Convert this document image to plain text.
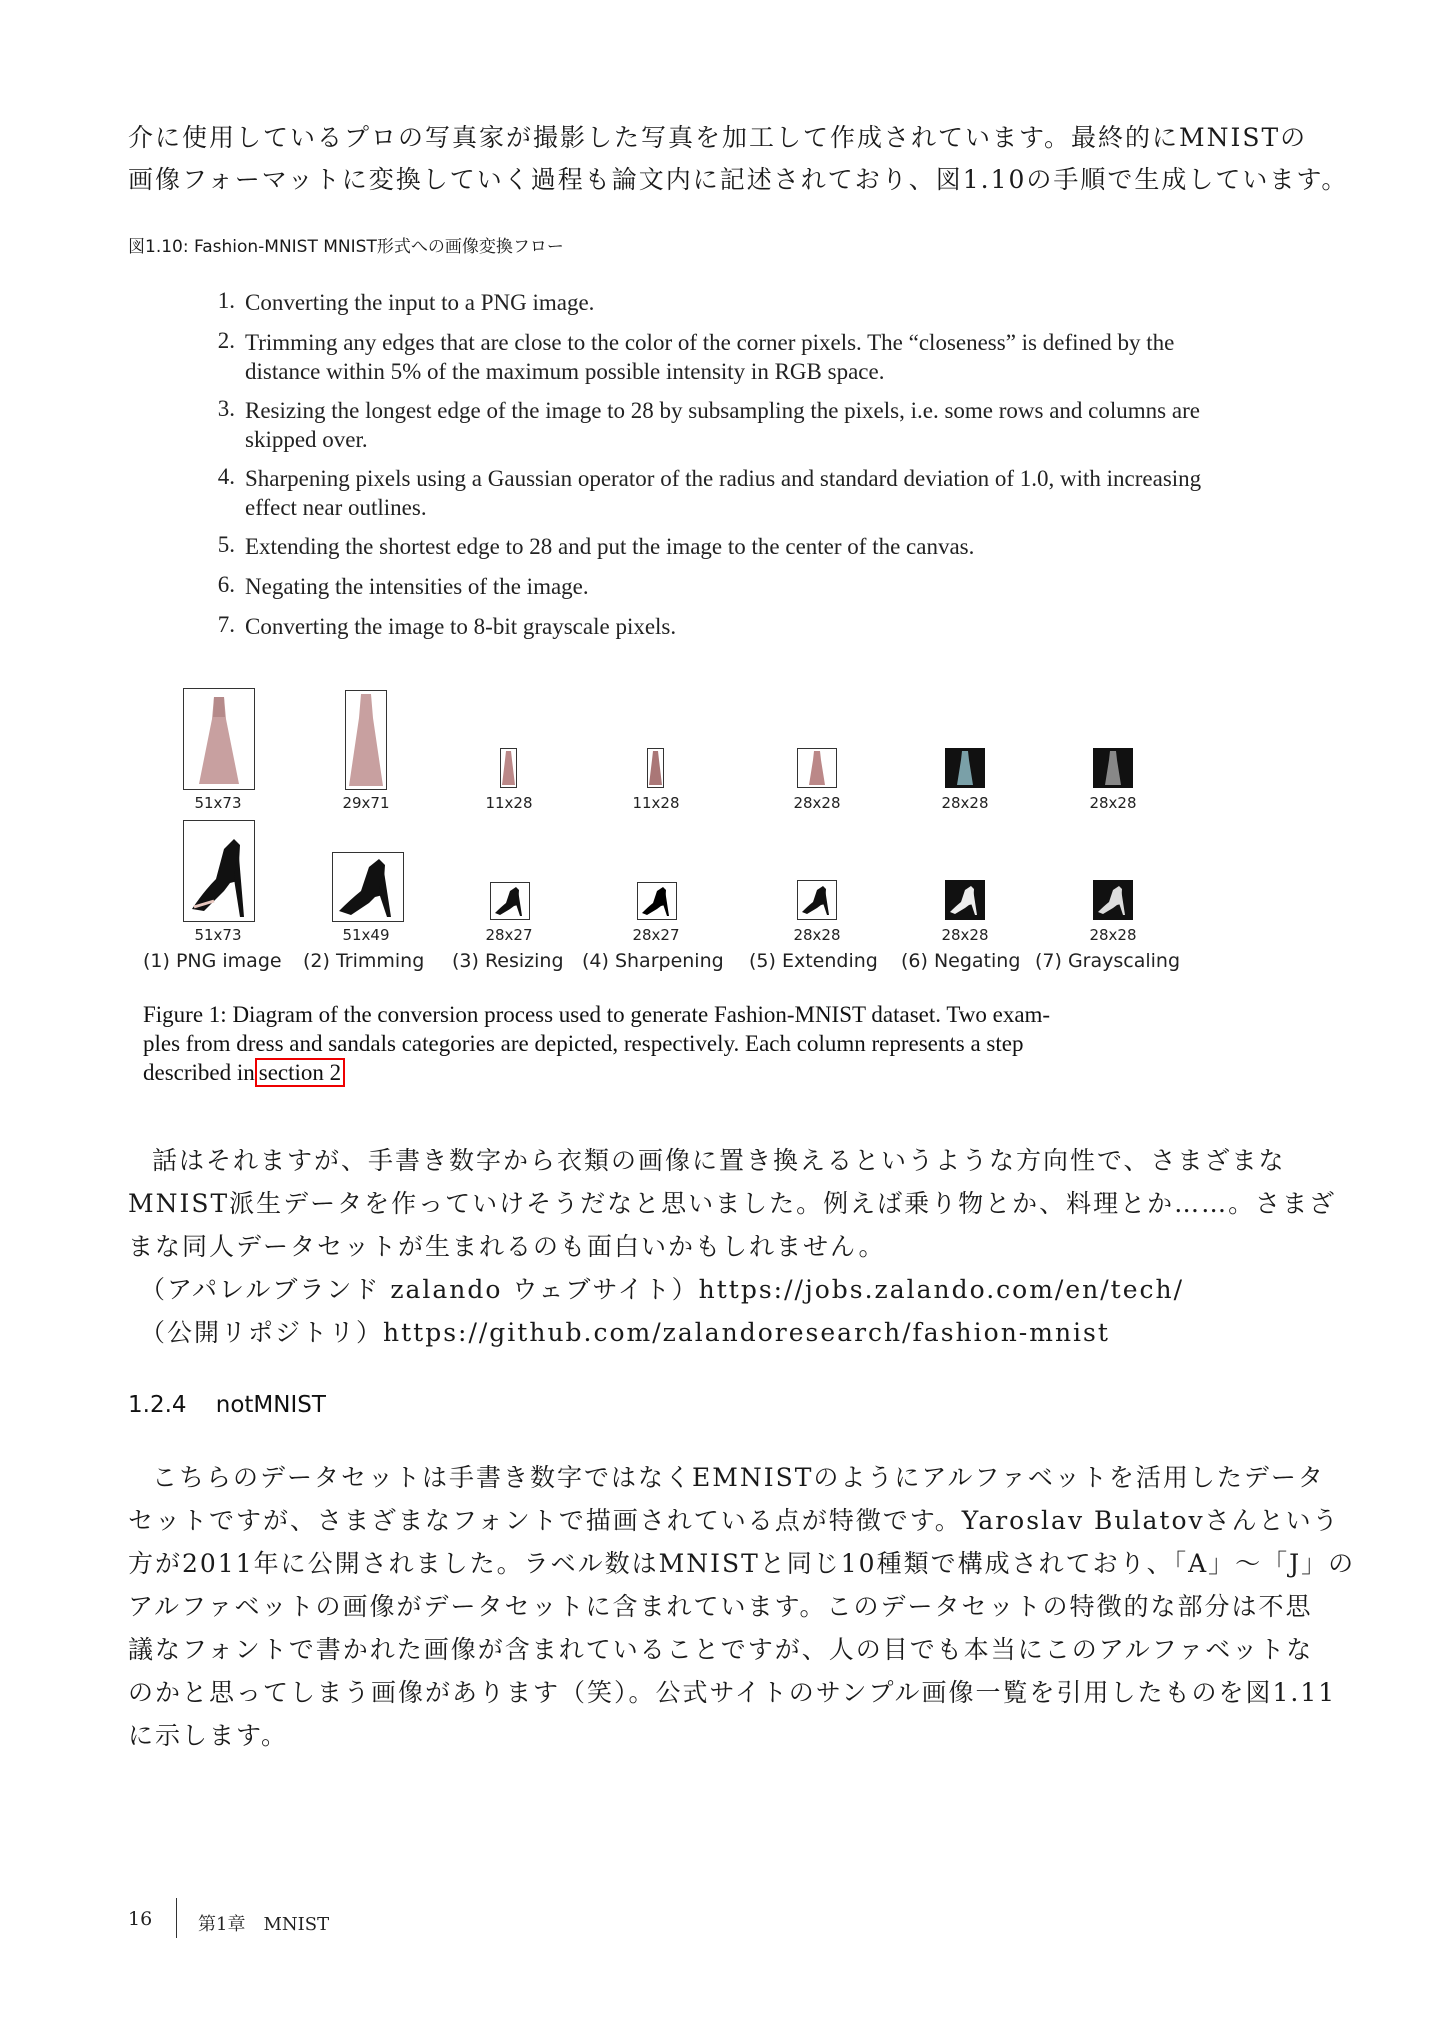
介に使用しているプロの写真家が撮影した写真を加工して作成されています。最終的にMNISTの
画像フォーマットに変換していく過程も論文内に記述されており、図1.10の手順で生成しています。
図1.10: Fashion-MNIST MNIST形式への画像変換フロー
1. Converting the input to a PNG image.
2. Trimming any edges that are close to the color of the corner pixels. The “closeness” is defined by the distance within 5% of the maximum possible intensity in RGB space.
3. Resizing the longest edge of the image to 28 by subsampling the pixels, i.e. some rows and columns are skipped over.
4. Sharpening pixels using a Gaussian operator of the radius and standard deviation of 1.0, with increasing effect near outlines.
5. Extending the shortest edge to 28 and put the image to the center of the canvas.
6. Negating the intensities of the image.
7. Converting the image to 8-bit grayscale pixels.
51x73	29x71	11x28	11x28	28x28	28x28	28x28
51x73	51x49	28x27	28x27	28x28	28x28	28x28
(1) PNG image (2) Trimming (3) Resizing (4) Sharpening (5) Extending (6) Negating (7) Grayscaling
Figure 1: Diagram of the conversion process used to generate Fashion-MNIST dataset. Two exam-
ples from dress and sandals categories are depicted, respectively. Each column represents a step
described in section 2
話はそれますが、手書き数字から衣類の画像に置き換えるというような方向性で、さまざまな
MNIST派生データを作っていけそうだなと思いました。例えば乗り物とか、料理とか……。さまざ
まな同人データセットが生まれるのも面白いかもしれません。
（アパレルブランド zalando ウェブサイト）https://jobs.zalando.com/en/tech/
（公開リポジトリ）https://github.com/zalandoresearch/fashion-mnist
1.2.4    notMNIST
こちらのデータセットは手書き数字ではなくEMNISTのようにアルファベットを活用したデータ
セットですが、さまざまなフォントで描画されている点が特徴です。Yaroslav Bulatovさんという
方が2011年に公開されました。ラベル数はMNISTと同じ10種類で構成されており、「A」～「J」の
アルファベットの画像がデータセットに含まれています。このデータセットの特徴的な部分は不思
議なフォントで書かれた画像が含まれていることですが、人の目でも本当にこのアルファベットな
のかと思ってしまう画像があります（笑）。公式サイトのサンプル画像一覧を引用したものを図1.11
に示します。
16	第1章　MNIST
